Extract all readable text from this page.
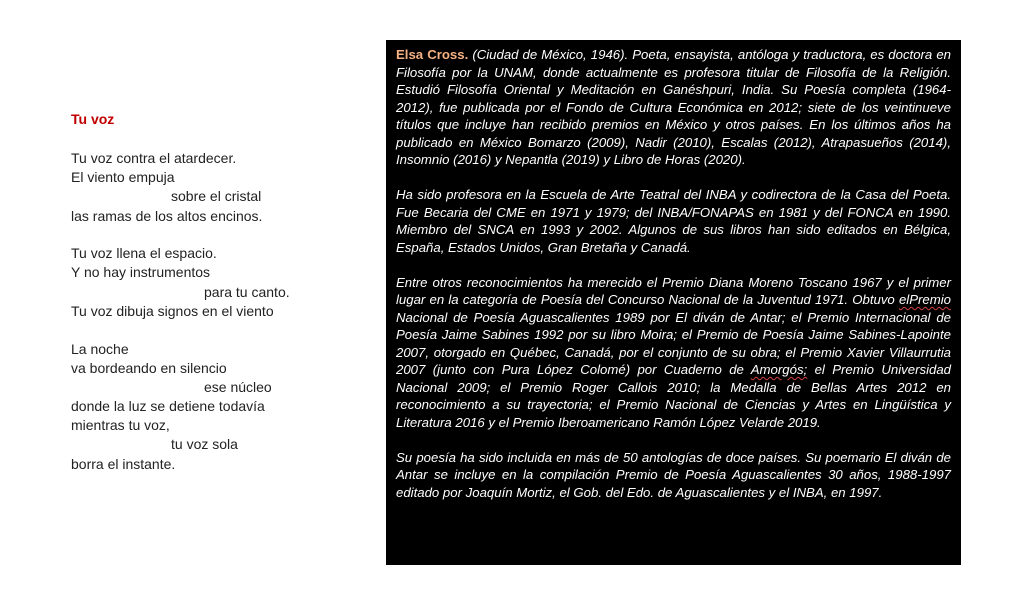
Tu voz
Tu voz contra el atardecer.
El viento empuja
sobre el cristal
las ramas de los altos encinos.
Tu voz llena el espacio.
Y no hay instrumentos
para tu canto.
Tu voz dibuja signos en el viento
La noche
va bordeando en silencio
ese núcleo
donde la luz se detiene todavía
mientras tu voz,
tu voz sola
borra el instante.

Elsa Cross. (Ciudad de México, 1946). Poeta, ensayista, antóloga y traductora, es doctora en Filosofía por la UNAM, donde actualmente es profesora titular de Filosofía de la Religión. Estudió Filosofía Oriental y Meditación en Ganéshpuri, India. Su Poesía completa (1964-2012), fue publicada por el Fondo de Cultura Económica en 2012; siete de los veintinueve títulos que incluye han recibido premios en México y otros países. En los últimos años ha publicado en México Bomarzo (2009), Nadir (2010), Escalas (2012), Atrapasueños (2014), Insomnio (2016) y Nepantla (2019) y Libro de Horas (2020).

Ha sido profesora en la Escuela de Arte Teatral del INBA y codirectora de la Casa del Poeta. Fue Becaria del CME en 1971 y 1979; del INBA/FONAPAS en 1981 y del FONCA en 1990. Miembro del SNCA en 1993 y 2002. Algunos de sus libros han sido editados en Bélgica, España, Estados Unidos, Gran Bretaña y Canadá.

Entre otros reconocimientos ha merecido el Premio Diana Moreno Toscano 1967 y el primer lugar en la categoría de Poesía del Concurso Nacional de la Juventud 1971. Obtuvo elPremio Nacional de Poesía Aguascalientes 1989 por El diván de Antar; el Premio Internacional de Poesía Jaime Sabines 1992 por su libro Moira; el Premio de Poesía Jaime Sabines-Lapointe 2007, otorgado en Québec, Canadá, por el conjunto de su obra; el Premio Xavier Villaurrutia 2007 (junto con Pura López Colomé) por Cuaderno de Amorgós; el Premio Universidad Nacional 2009; el Premio Roger Callois 2010; la Medalla de Bellas Artes 2012 en reconocimiento a su trayectoria; el Premio Nacional de Ciencias y Artes en Lingüística y Literatura 2016 y el Premio Iberoamericano Ramón López Velarde 2019.

Su poesía ha sido incluida en más de 50 antologías de doce países. Su poemario El diván de Antar se incluye en la compilación Premio de Poesía Aguascalientes 30 años, 1988-1997 editado por Joaquín Mortiz, el Gob. del Edo. de Aguascalientes y el INBA, en 1997.
